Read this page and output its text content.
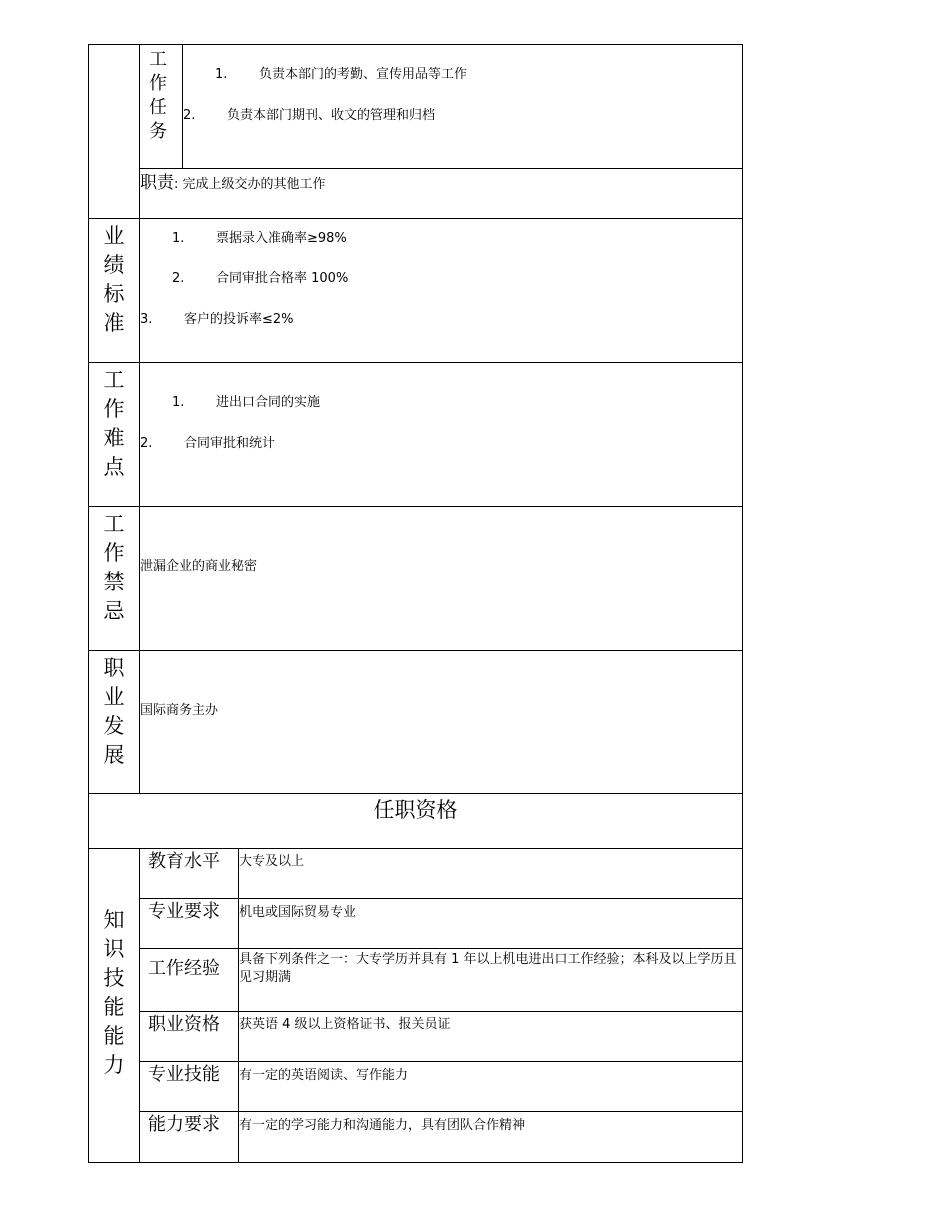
工作任务
1. 负责本部门的考勤、宣传用品等工作
2. 负责本部门期刊、收文的管理和归档
职责: 完成上级交办的其他工作
业绩标准
1. 票据录入准确率≥98%
2. 合同审批合格率 100%
3. 客户的投诉率≤2%
工作难点
1. 进出口合同的实施
2. 合同审批和统计
工作禁忌
泄漏企业的商业秘密
职业发展
国际商务主办
任职资格
知识技能能力
教育水平 大专及以上
专业要求 机电或国际贸易专业
工作经验 具备下列条件之一：大专学历并具有 1 年以上机电进出口工作经验；本科及以上学历且见习期满
职业资格 获英语 4 级以上资格证书、报关员证
专业技能 有一定的英语阅读、写作能力
能力要求 有一定的学习能力和沟通能力，具有团队合作精神
